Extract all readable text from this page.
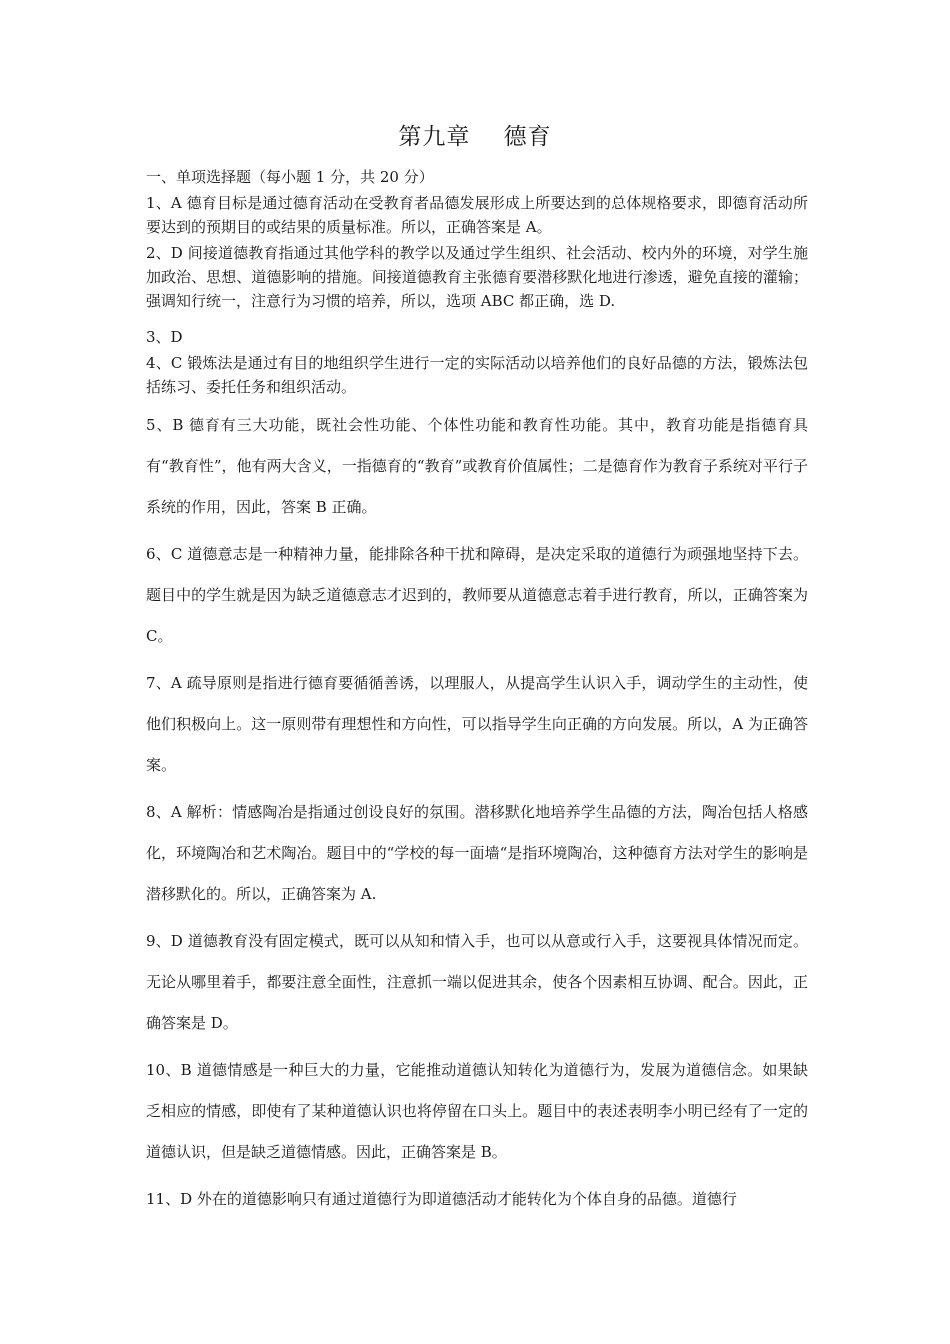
第九章    德育

一、单项选择题（每小题 1 分，共 20 分）

1、A 德育目标是通过德育活动在受教育者品德发展形成上所要达到的总体规格要求，即德育活动所要达到的预期目的或结果的质量标准。所以，正确答案是 A。

2、D 间接道德教育指通过其他学科的教学以及通过学生组织、社会活动、校内外的环境，对学生施加政治、思想、道德影响的措施。间接道德教育主张德育要潜移默化地进行渗透，避免直接的灌输；强调知行统一，注意行为习惯的培养，所以，选项 ABC 都正确，选 D.

3、D

4、C 锻炼法是通过有目的地组织学生进行一定的实际活动以培养他们的良好品德的方法，锻炼法包括练习、委托任务和组织活动。

5、B 德育有三大功能，既社会性功能、个体性功能和教育性功能。其中，教育功能是指德育具有“教育性”，他有两大含义，一指德育的“教育”或教育价值属性；二是德育作为教育子系统对平行子系统的作用，因此，答案 B 正确。

6、C 道德意志是一种精神力量，能排除各种干扰和障碍，是决定采取的道德行为顽强地坚持下去。题目中的学生就是因为缺乏道德意志才迟到的，教师要从道德意志着手进行教育，所以，正确答案为 C。

7、A 疏导原则是指进行德育要循循善诱，以理服人，从提高学生认识入手，调动学生的主动性，使他们积极向上。这一原则带有理想性和方向性，可以指导学生向正确的方向发展。所以，A 为正确答案。

8、A 解析：情感陶冶是指通过创设良好的氛围。潜移默化地培养学生品德的方法，陶冶包括人格感化，环境陶冶和艺术陶冶。题目中的“学校的每一面墙“是指环境陶冶，这种德育方法对学生的影响是潜移默化的。所以，正确答案为 A.

9、D 道德教育没有固定模式，既可以从知和情入手，也可以从意或行入手，这要视具体情况而定。无论从哪里着手，都要注意全面性，注意抓一端以促进其余，使各个因素相互协调、配合。因此，正确答案是 D。

10、B 道德情感是一种巨大的力量，它能推动道德认知转化为道德行为，发展为道德信念。如果缺乏相应的情感，即使有了某种道德认识也将停留在口头上。题目中的表述表明李小明已经有了一定的道德认识，但是缺乏道德情感。因此，正确答案是 B。

11、D 外在的道德影响只有通过道德行为即道德活动才能转化为个体自身的品德。道德行
